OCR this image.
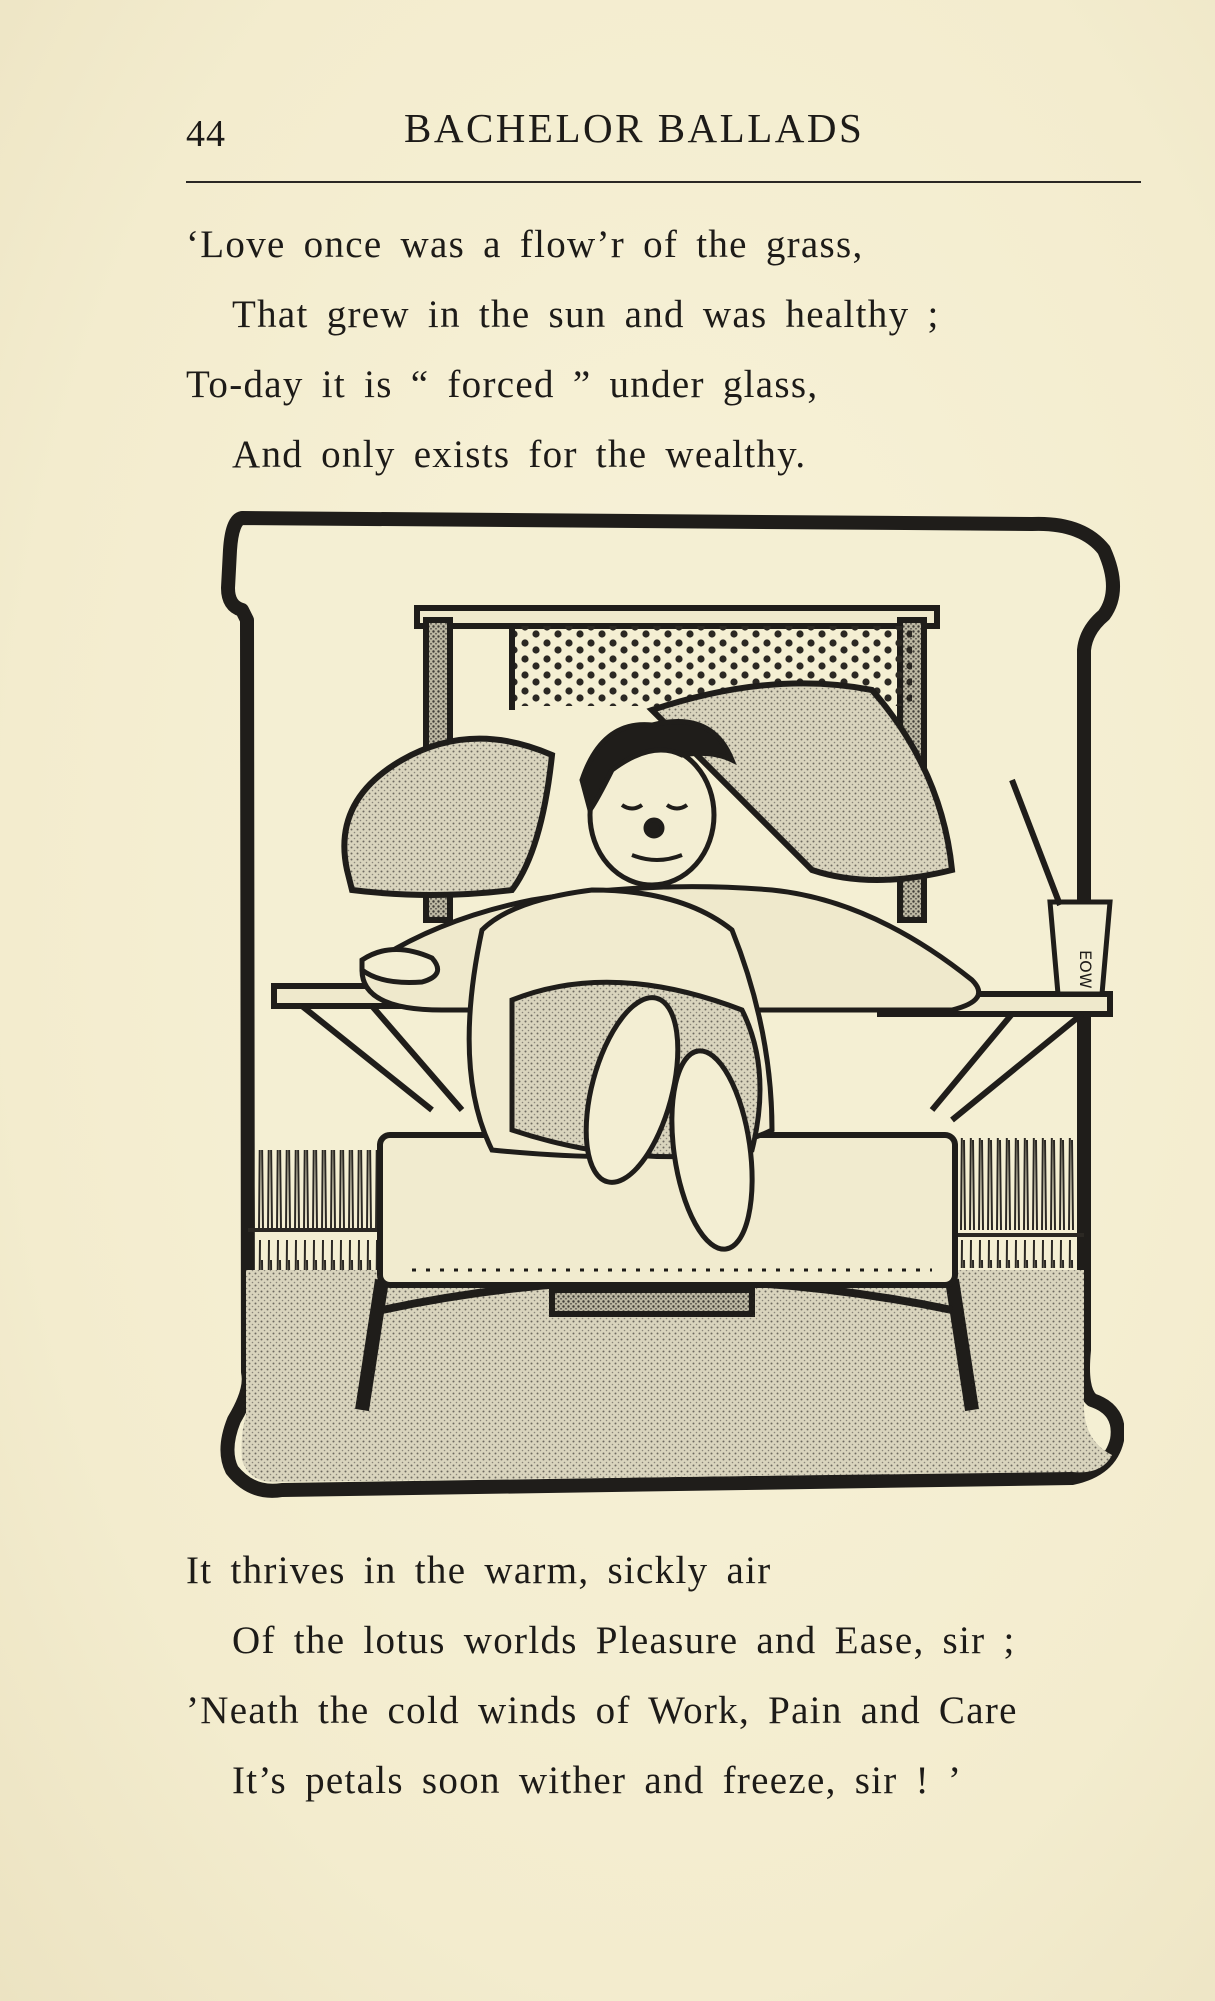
44	BACHELOR BALLADS
‘Love once was a flow’r of the grass,
That grew in the sun and was healthy ;
To-day it is “ forced ” under glass,
And only exists for the wealthy.
EOW
It thrives in the warm, sickly air
Of the lotus worlds Pleasure and Ease, sir ;
’Neath the cold winds of Work, Pain and Care
It’s petals soon wither and freeze, sir ! ’
